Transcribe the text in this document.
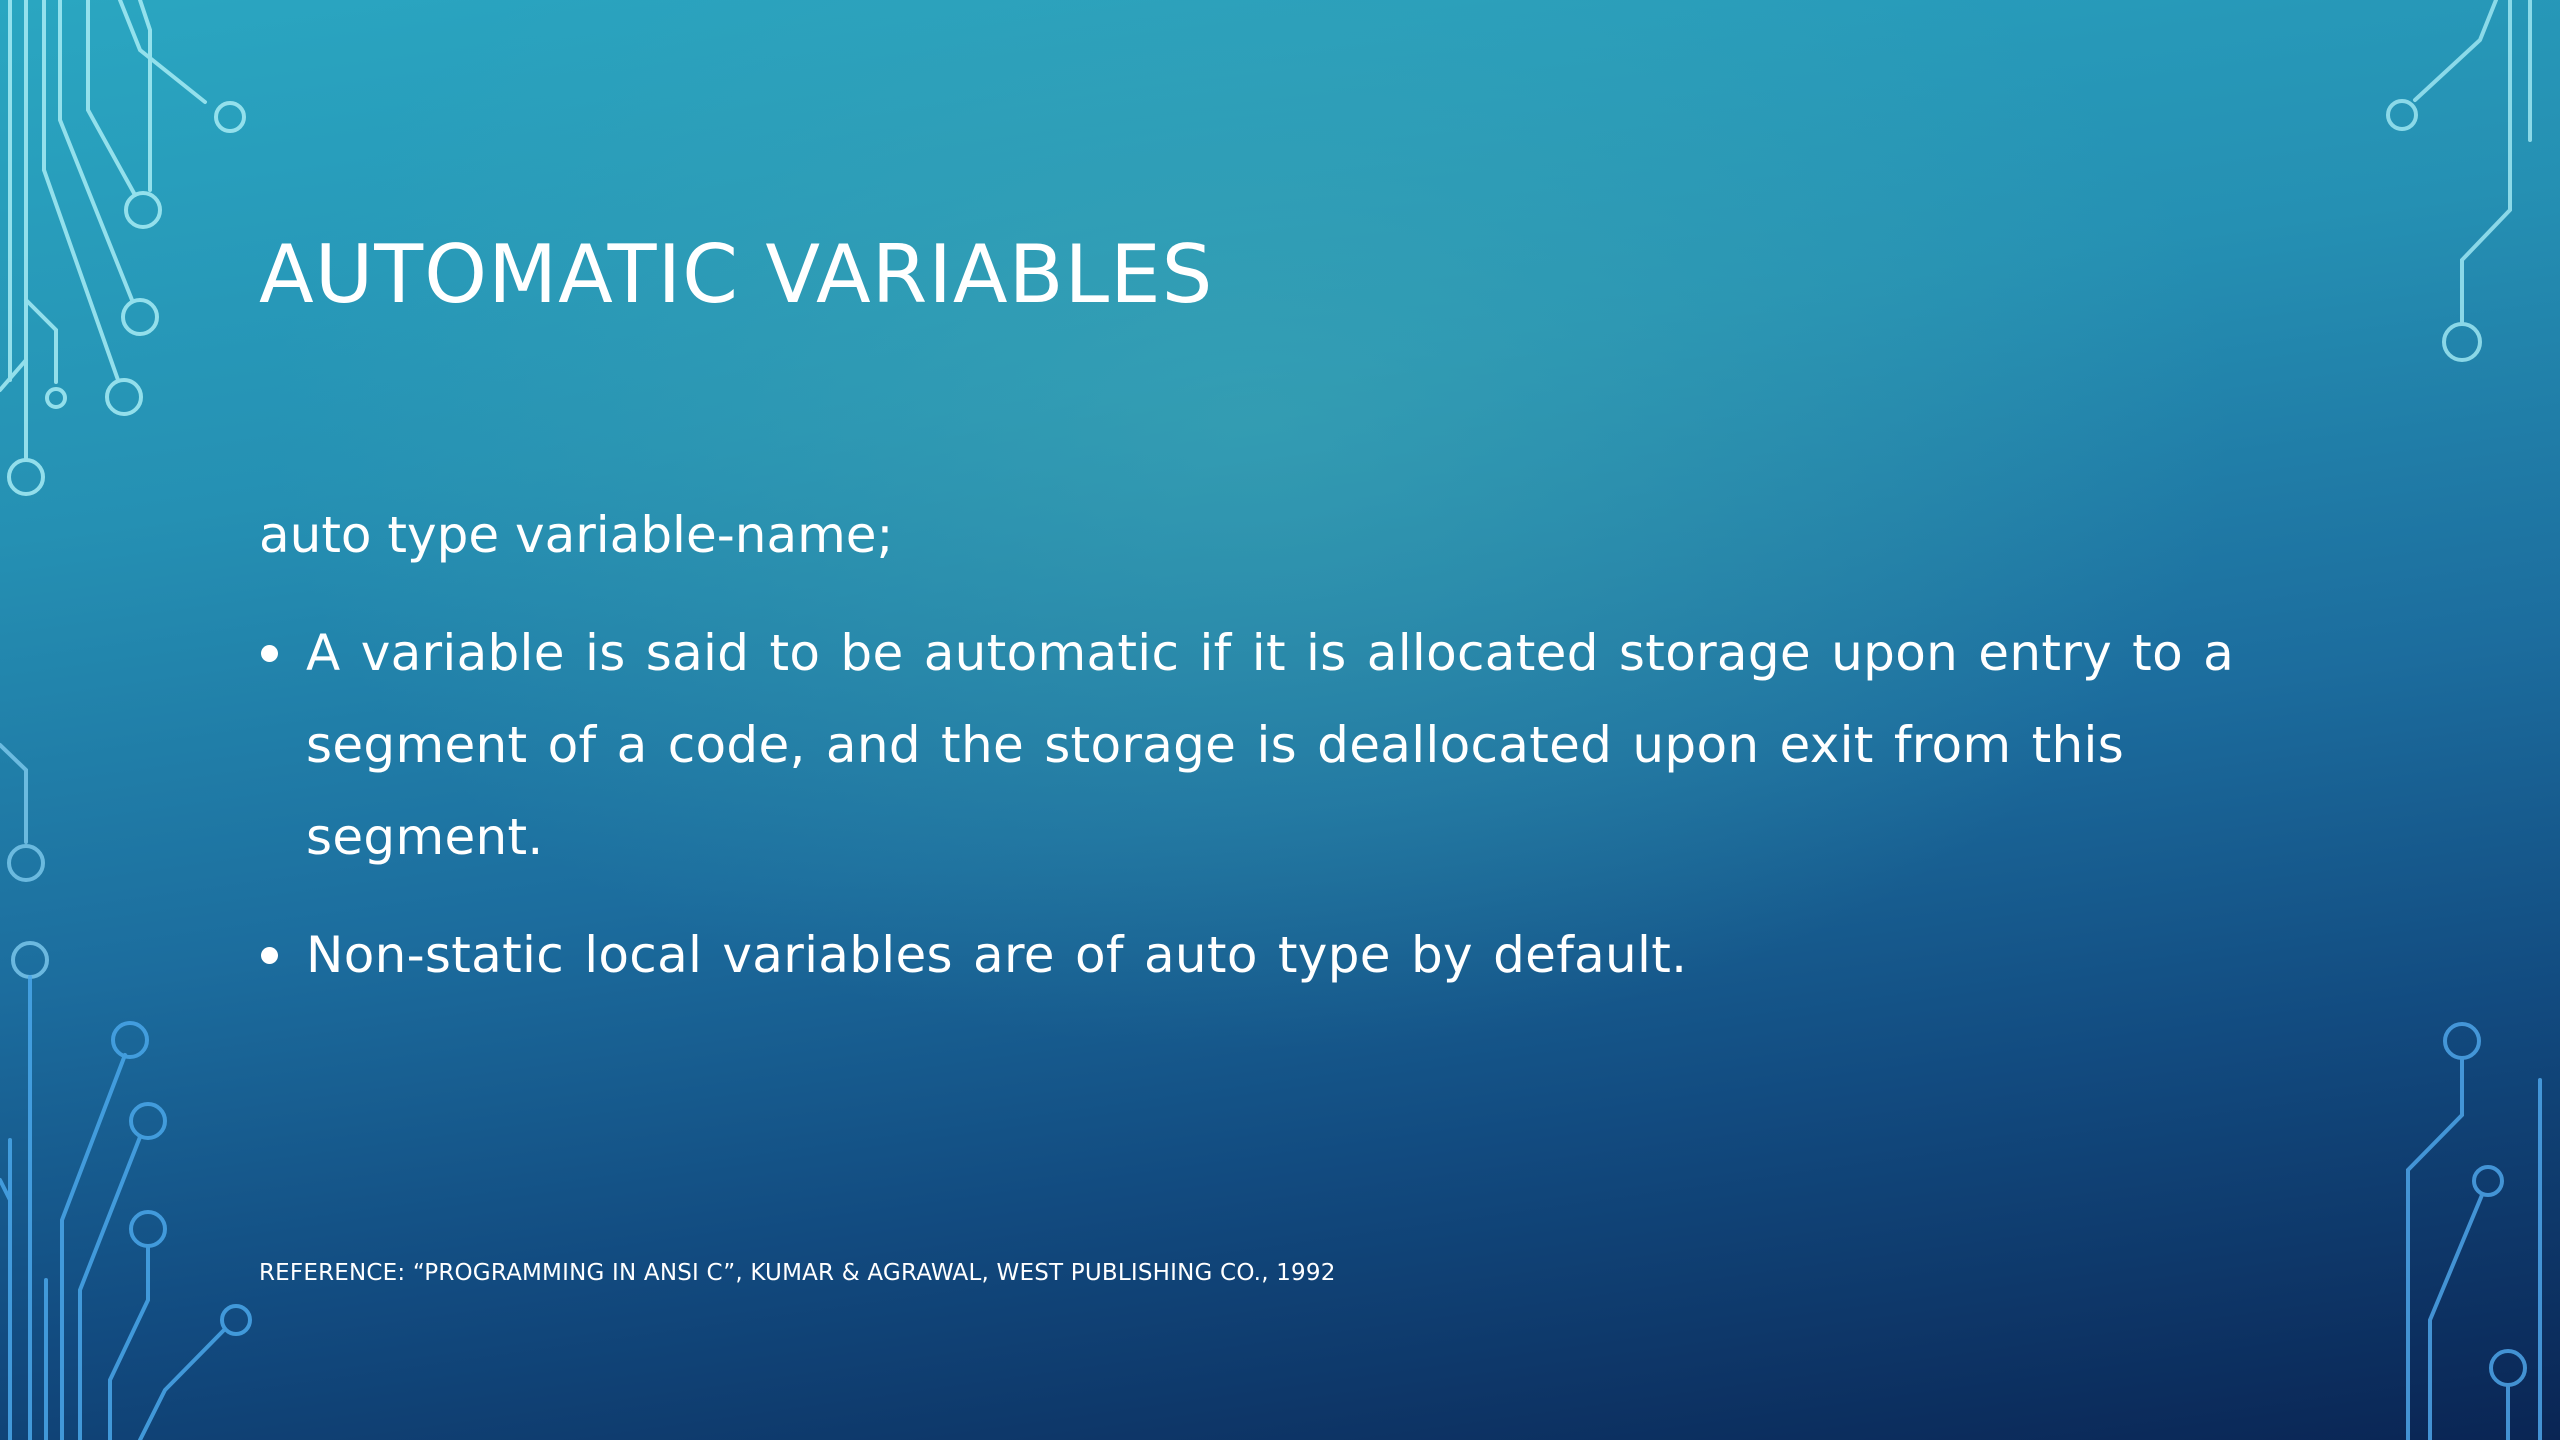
AUTOMATIC VARIABLES

auto type variable-name;

A variable is said to be automatic if it is allocated storage upon entry to a segment of a code, and the storage is deallocated upon exit from this segment.
Non-static local variables are of auto type by default.
REFERENCE: “PROGRAMMING IN ANSI C”, KUMAR & AGRAWAL, WEST PUBLISHING CO., 1992
